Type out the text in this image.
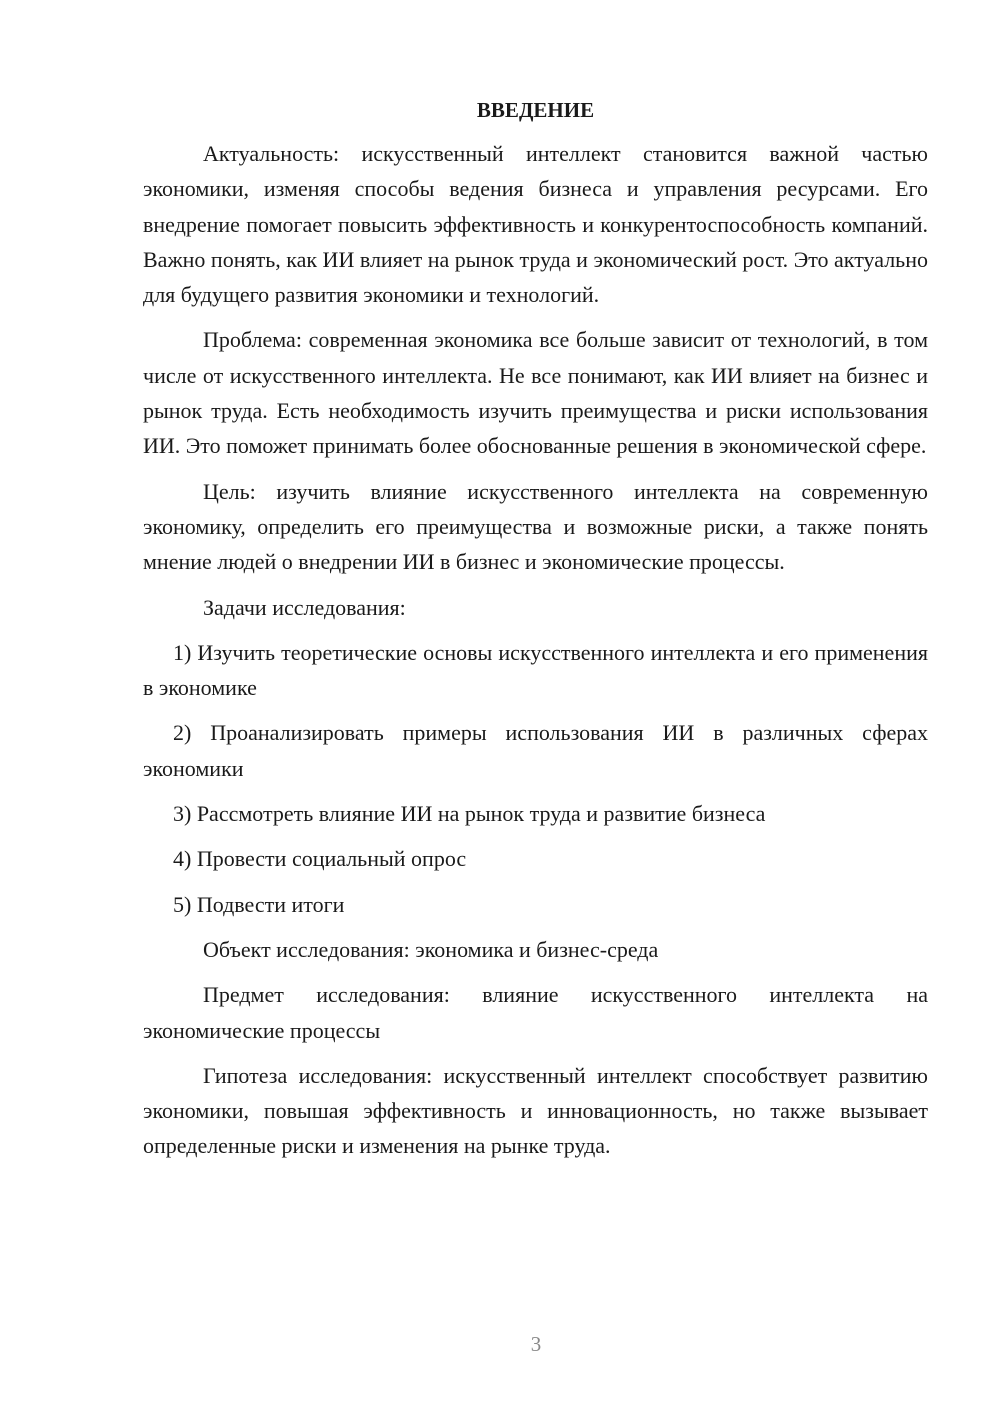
ВВЕДЕНИЕ

Актуальность: искусственный интеллект становится важной частью экономики, изменяя способы ведения бизнеса и управления ресурсами. Его внедрение помогает повысить эффективность и конкурентоспособность компаний. Важно понять, как ИИ влияет на рынок труда и экономический рост. Это актуально для будущего развития экономики и технологий.

Проблема: современная экономика все больше зависит от технологий, в том числе от искусственного интеллекта. Не все понимают, как ИИ влияет на бизнес и рынок труда. Есть необходимость изучить преимущества и риски использования ИИ. Это поможет принимать более обоснованные решения в экономической сфере.

Цель: изучить влияние искусственного интеллекта на современную экономику, определить его преимущества и возможные риски, а также понять мнение людей о внедрении ИИ в бизнес и экономические процессы.

Задачи исследования:

1) Изучить теоретические основы искусственного интеллекта и его применения в экономике

2) Проанализировать примеры использования ИИ в различных сферах экономики

3) Рассмотреть влияние ИИ на рынок труда и развитие бизнеса

4) Провести социальный опрос

5) Подвести итоги

Объект исследования: экономика и бизнес-среда

Предмет исследования: влияние искусственного интеллекта на экономические процессы

Гипотеза исследования: искусственный интеллект способствует развитию экономики, повышая эффективность и инновационность, но также вызывает определенные риски и изменения на рынке труда.

3
